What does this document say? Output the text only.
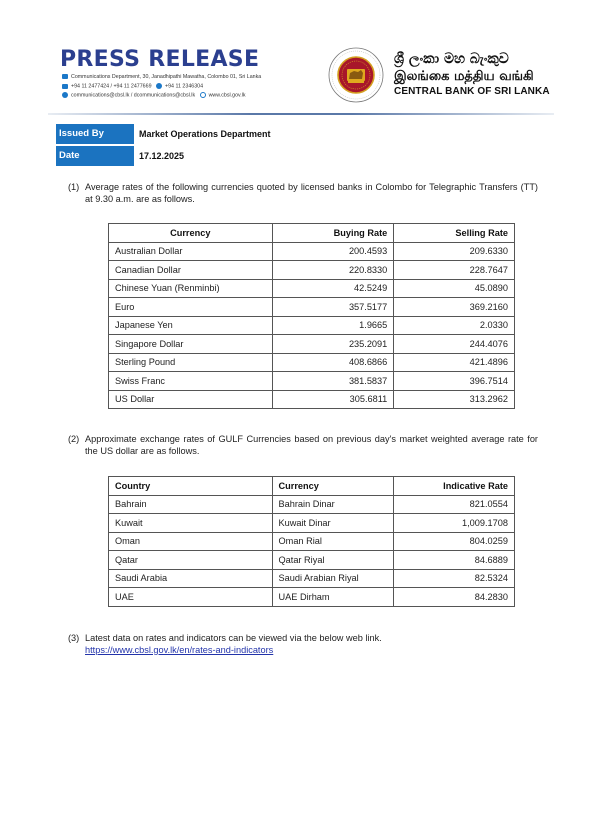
PRESS RELEASE
Communications Department, 30, Janadhipathi Mawatha, Colombo 01, Sri Lanka
+94 11 2477424 / +94 11 2477669	+94 11 2346304
communications@cbsl.lk / dcommunications@cbsl.lk	www.cbsl.gov.lk
ශ්‍රී ලංකා මහ බැංකුව
இலங்கை மத்திய வங்கி
CENTRAL BANK OF SRI LANKA
Issued By	Market Operations Department
Date	17.12.2025
(1) Average rates of the following currencies quoted by licensed banks in Colombo for Telegraphic Transfers (TT) at 9.30 a.m. are as follows.
Currency	Buying Rate	Selling Rate
Australian Dollar	200.4593	209.6330
Canadian Dollar	220.8330	228.7647
Chinese Yuan (Renminbi)	42.5249	45.0890
Euro	357.5177	369.2160
Japanese Yen	1.9665	2.0330
Singapore Dollar	235.2091	244.4076
Sterling Pound	408.6866	421.4896
Swiss Franc	381.5837	396.7514
US Dollar	305.6811	313.2962
(2) Approximate exchange rates of GULF Currencies based on previous day's market weighted average rate for the US dollar are as follows.
Country	Currency	Indicative Rate
Bahrain	Bahrain Dinar	821.0554
Kuwait	Kuwait Dinar	1,009.1708
Oman	Oman Rial	804.0259
Qatar	Qatar Riyal	84.6889
Saudi Arabia	Saudi Arabian Riyal	82.5324
UAE	UAE Dirham	84.2830
(3) Latest data on rates and indicators can be viewed via the below web link.
https://www.cbsl.gov.lk/en/rates-and-indicators
